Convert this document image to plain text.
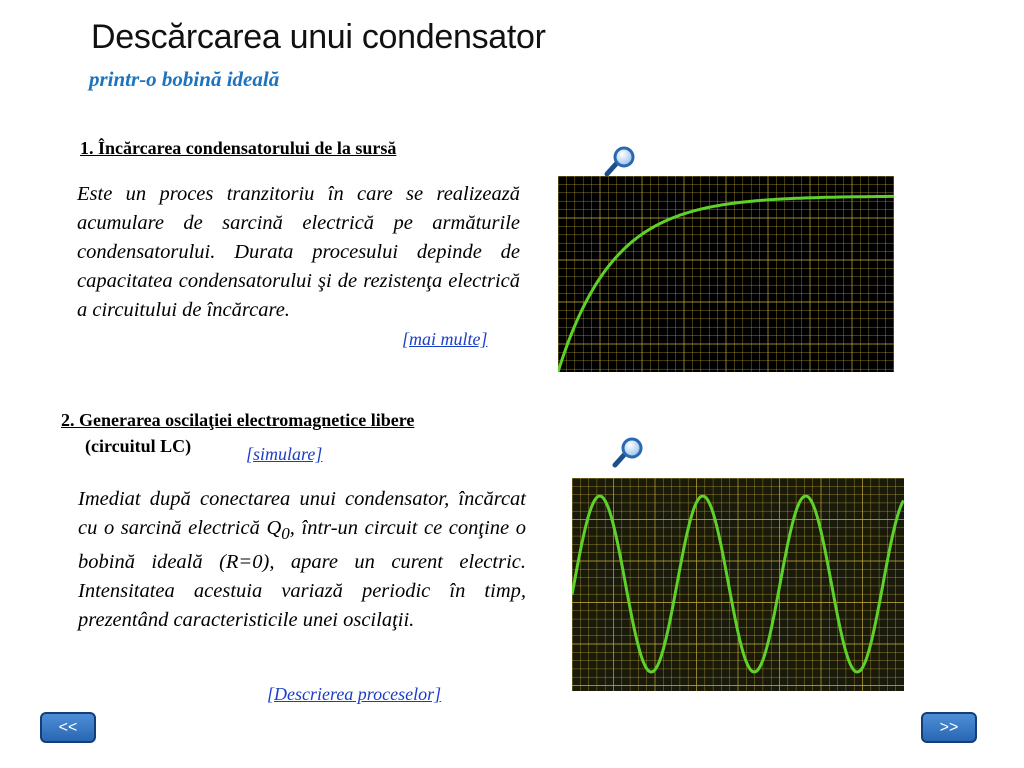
Descărcarea unui condensator
printr-o bobină ideală
1. Încărcarea condensatorului de la sursă

Este un proces tranzitoriu în care se realizează acumulare de sarcină electrică pe armăturile condensatorului. Durata procesului depinde de capacitatea condensatorului şi de rezistenţa electrică a circuitului de încărcare.

[mai multe]
2. Generarea oscilaţiei electromagnetice libere
(circuitul LC)	[simulare]

Imediat după conectarea unui condensator, încărcat cu o sarcină electrică $Q_0$, într-un circuit ce conţine o bobină ideală (R=0), apare un curent electric. Intensitatea acestuia variază periodic în timp, prezentând caracteristicile unei oscilaţii.

[Descrierea proceselor]
<<	>>
